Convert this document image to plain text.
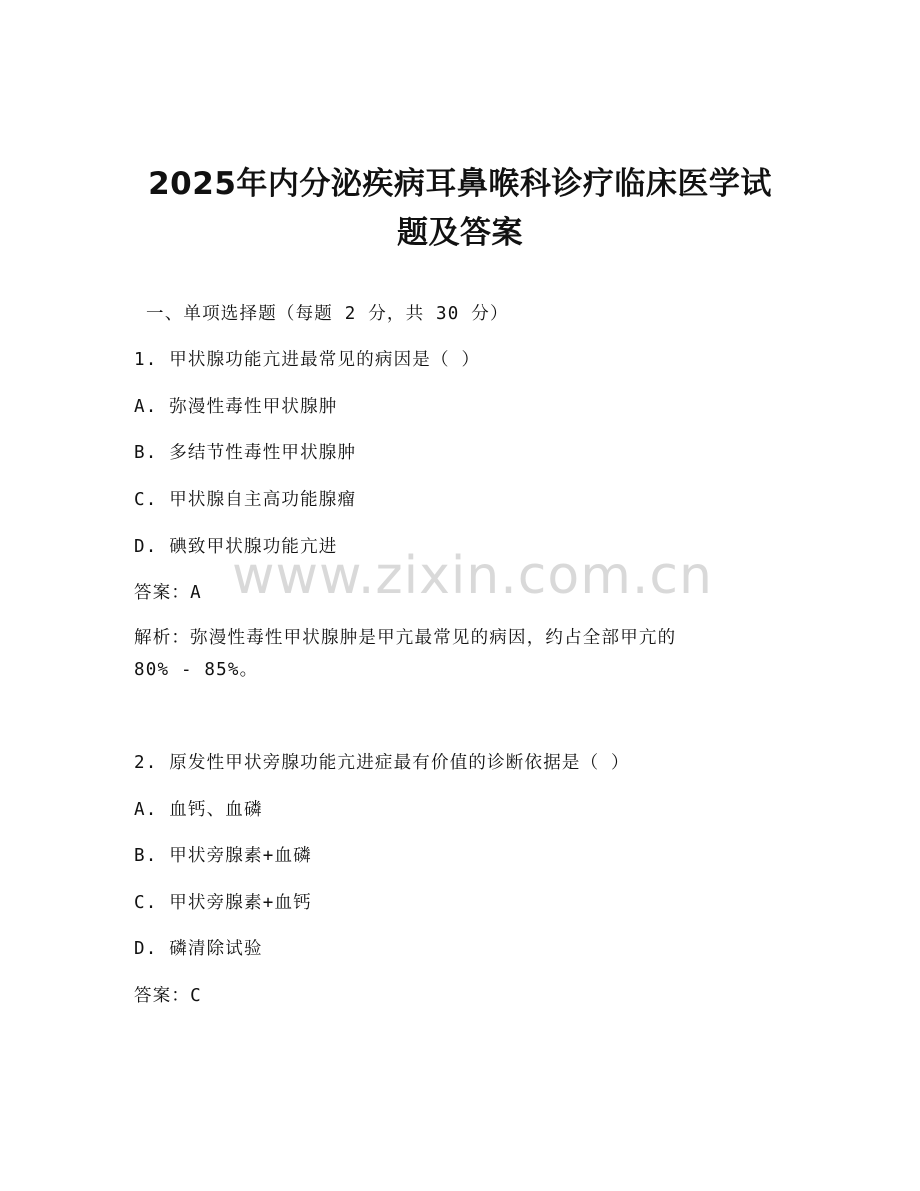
2025年内分泌疾病耳鼻喉科诊疗临床医学试
题及答案
一、单项选择题（每题 2 分，共 30 分）
1. 甲状腺功能亢进最常见的病因是（ ）
A. 弥漫性毒性甲状腺肿
B. 多结节性毒性甲状腺肿
C. 甲状腺自主高功能腺瘤
D. 碘致甲状腺功能亢进
答案：A
解析：弥漫性毒性甲状腺肿是甲亢最常见的病因，约占全部甲亢的
80% - 85%。
2. 原发性甲状旁腺功能亢进症最有价值的诊断依据是（ ）
A. 血钙、血磷
B. 甲状旁腺素+血磷
C. 甲状旁腺素+血钙
D. 磷清除试验
答案：C
www.zixin.com.cn
